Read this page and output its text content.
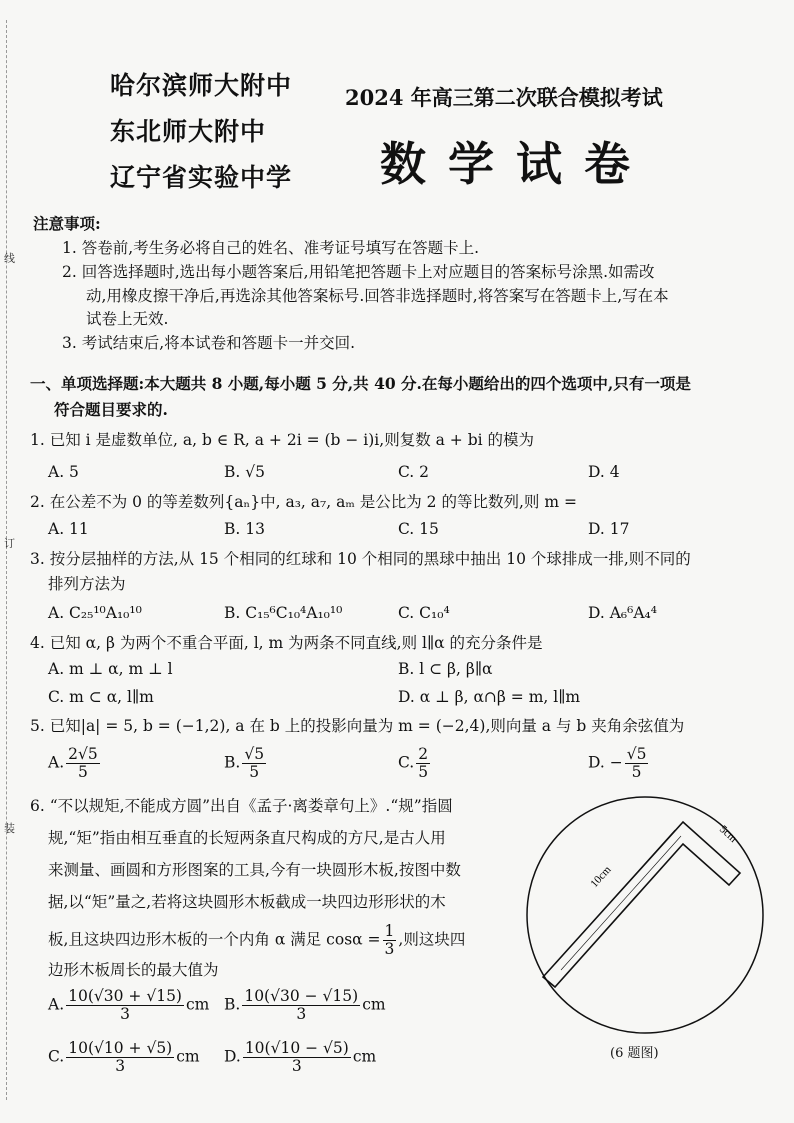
线
订
装
哈尔滨师大附中
东北师大附中
辽宁省实验中学
2024 年高三第二次联合模拟考试
数学试卷
注意事项:
1. 答卷前,考生务必将自己的姓名、准考证号填写在答题卡上.
2. 回答选择题时,选出每小题答案后,用铅笔把答题卡上对应题目的答案标号涂黑.如需改
动,用橡皮擦干净后,再选涂其他答案标号.回答非选择题时,将答案写在答题卡上,写在本
试卷上无效.
3. 考试结束后,将本试卷和答题卡一并交回.
一、单项选择题:本大题共 8 小题,每小题 5 分,共 40 分.在每小题给出的四个选项中,只有一项是
符合题目要求的.
1. 已知 i 是虚数单位, a, b ∈ R, a + 2i = (b − i)i,则复数 a + bi 的模为
A. 5	B. √5	C. 2	D. 4
2. 在公差不为 0 的等差数列{aₙ}中, a₃, a₇, aₘ 是公比为 2 的等比数列,则 m =
A. 11	B. 13	C. 15	D. 17
3. 按分层抽样的方法,从 15 个相同的红球和 10 个相同的黑球中抽出 10 个球排成一排,则不同的
排列方法为
A. C₂₅¹⁰A₁₀¹⁰	B. C₁₅⁶C₁₀⁴A₁₀¹⁰	C. C₁₀⁴	D. A₆⁶A₄⁴
4. 已知 α, β 为两个不重合平面, l, m 为两条不同直线,则 l∥α 的充分条件是
A. m ⊥ α, m ⊥ l	B. l ⊂ β, β∥α
C. m ⊂ α, l∥m	D. α ⊥ β, α∩β = m, l∥m
5. 已知|a| = 5, b = (−1,2), a 在 b 上的投影向量为 m = (−2,4),则向量 a 与 b 夹角余弦值为
A. $\frac{2√5}{5}$	B. $\frac{√5}{5}$	C. $\frac{2}{5}$	D. − $\frac{√5}{5}$
6. “不以规矩,不能成方圆”出自《孟子·离娄章句上》.“规”指圆
规,“矩”指由相互垂直的长短两条直尺构成的方尺,是古人用
来测量、画圆和方形图案的工具,今有一块圆形木板,按图中数
据,以“矩”量之,若将这块圆形木板截成一块四边形形状的木
板,且这块四边形木板的一个内角 α 满足 $\cos\alpha = \frac{1}{3}$ ,则这块四
边形木板周长的最大值为
A. $\frac{10(√30 + √15)}{3}$ cm B. $\frac{10(√30 - √15)}{3}$ cm
C. $\frac{10(√10 + √5)}{3}$ cm D. $\frac{10(√10 - √5)}{3}$ cm
10cm
5cm
(6 题图)
